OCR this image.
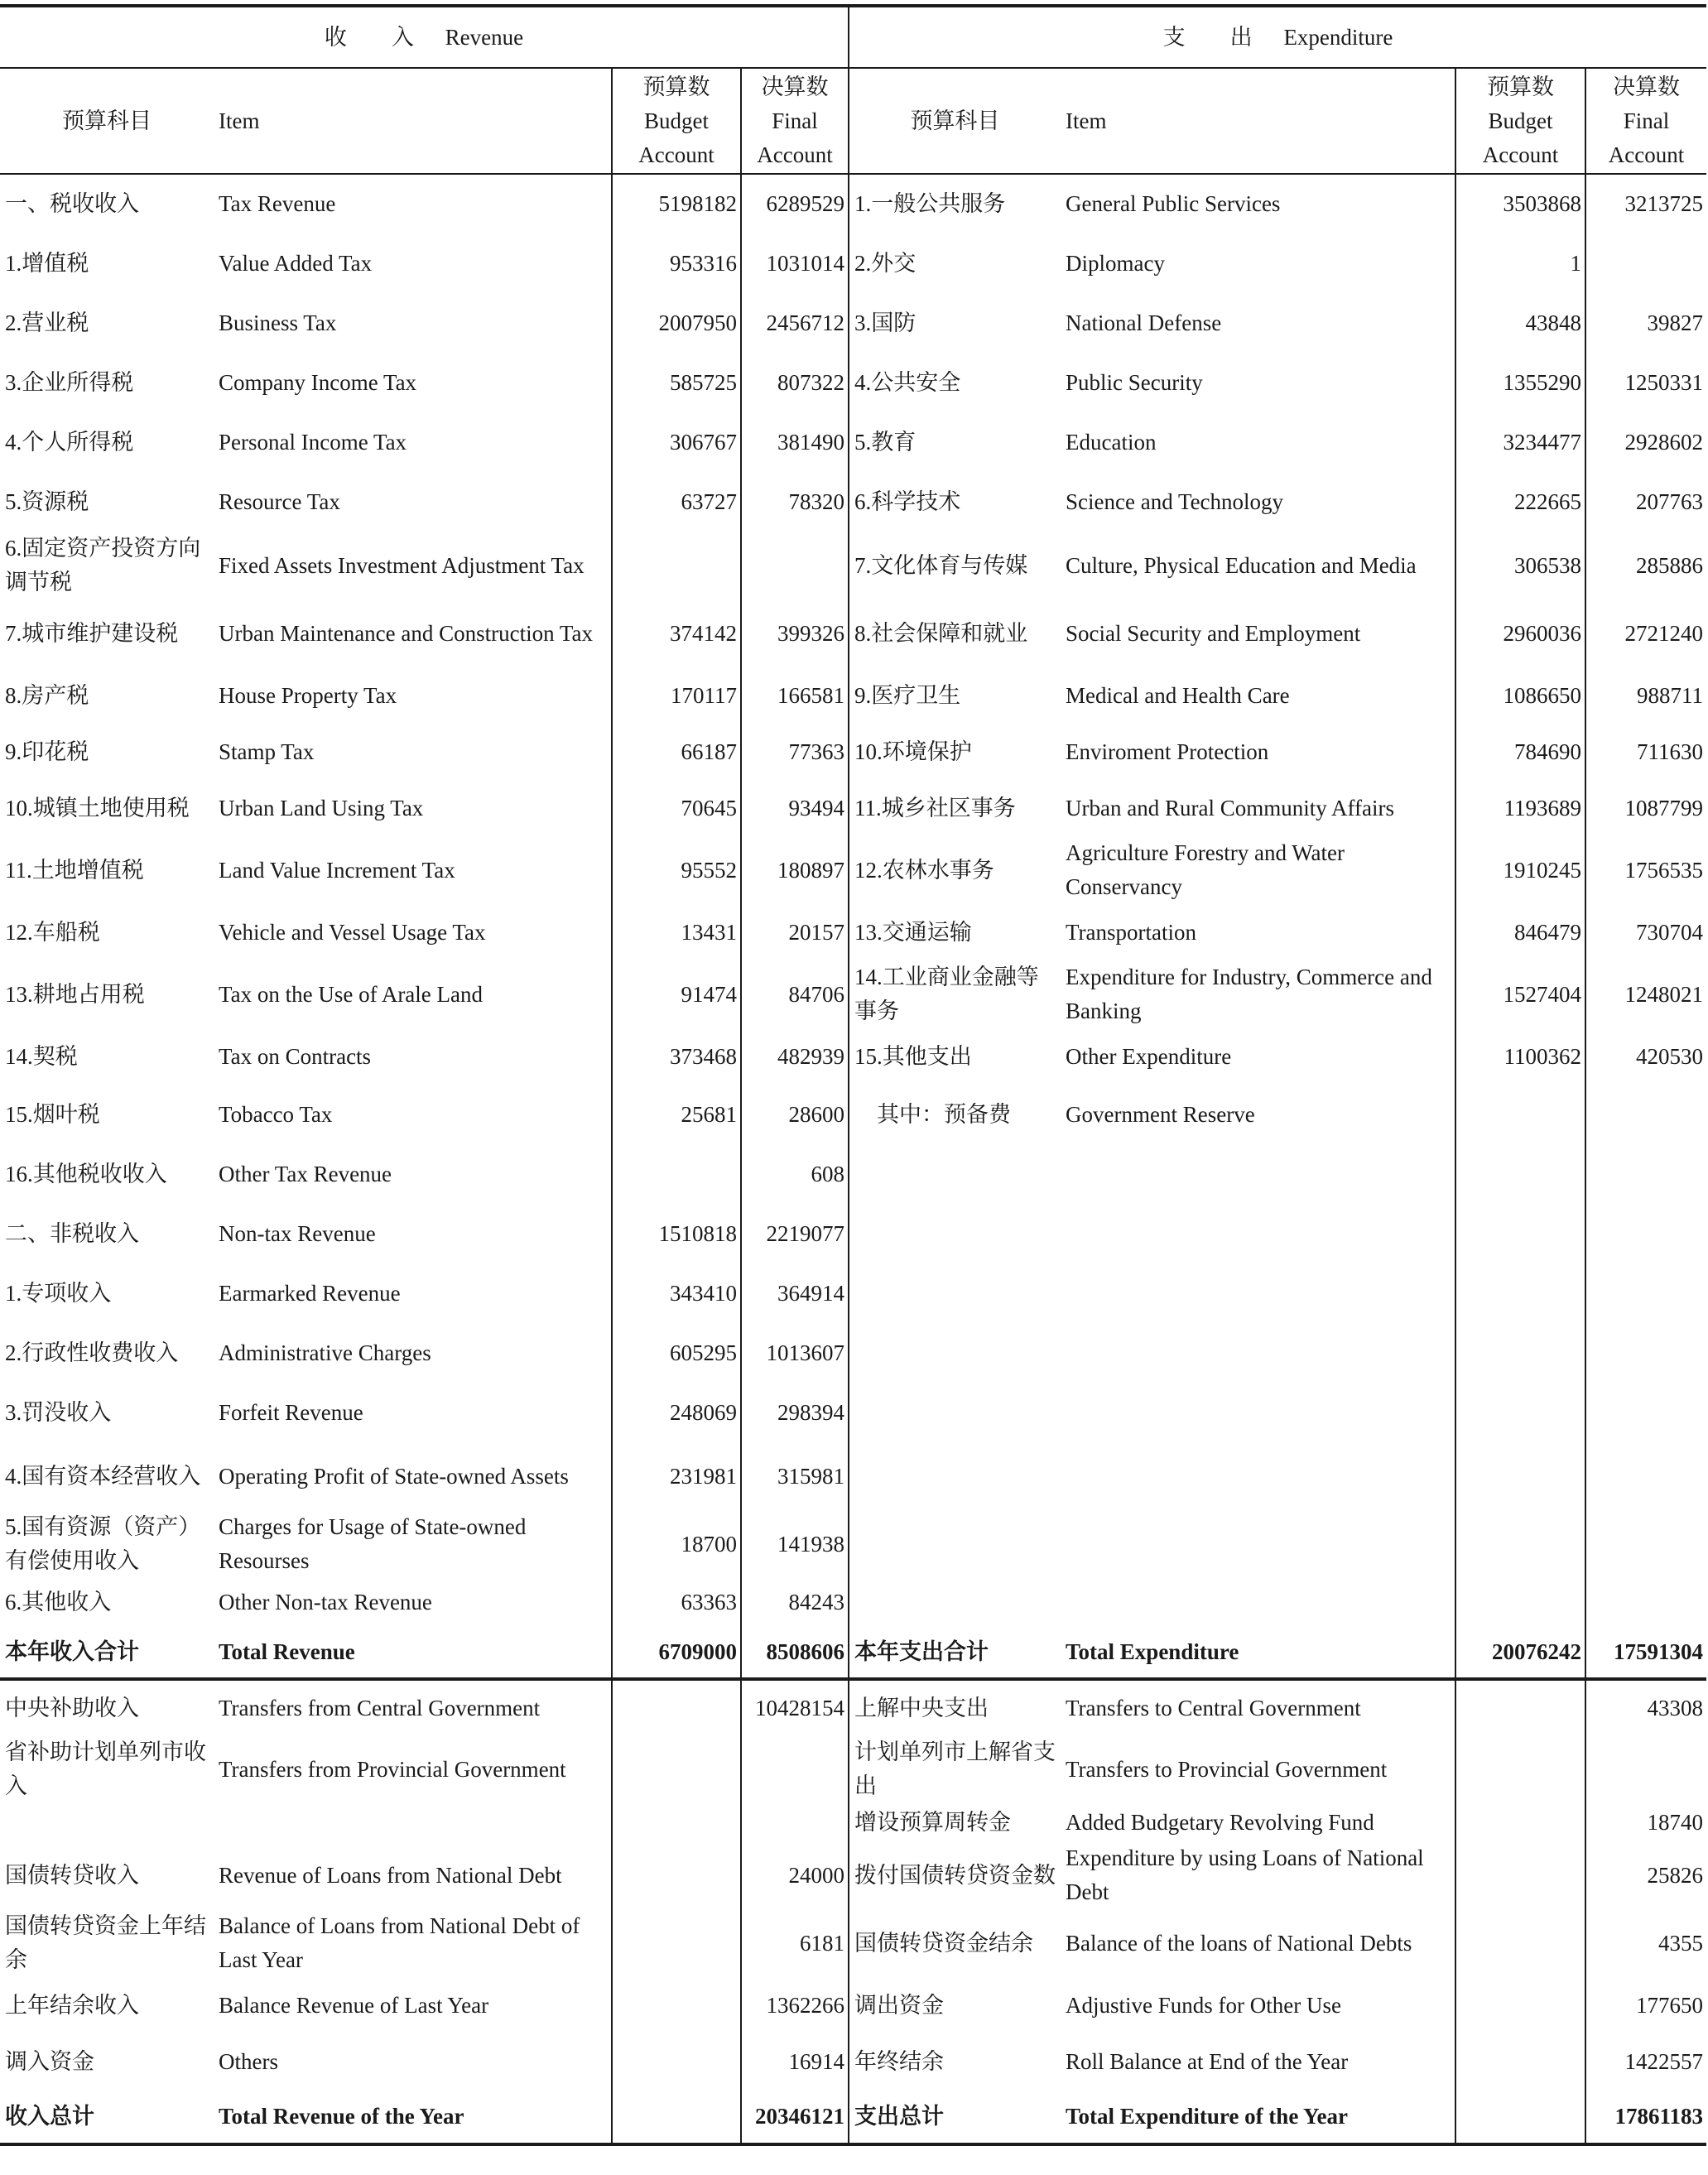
收　　入 Revenue				支　　出 Expenditure			
预算科目	Item	预算数
Budget
Account	决算数
Final
Account	预算科目	Item	预算数
Budget
Account	决算数
Final
Account
一、税收收入	Tax Revenue	5198182	6289529	1.一般公共服务	General Public Services	3503868	3213725
1.增值税	Value Added Tax	953316	1031014	2.外交	Diplomacy	1	
2.营业税	Business Tax	2007950	2456712	3.国防	National Defense	43848	39827
3.企业所得税	Company Income Tax	585725	807322	4.公共安全	Public Security	1355290	1250331
4.个人所得税	Personal Income Tax	306767	381490	5.教育	Education	3234477	2928602
5.资源税	Resource Tax	63727	78320	6.科学技术	Science and Technology	222665	207763
6.固定资产投资方向调节税	Fixed Assets Investment Adjustment Tax			7.文化体育与传媒	Culture, Physical Education and Media	306538	285886
7.城市维护建设税	Urban Maintenance and Construction Tax	374142	399326	8.社会保障和就业	Social Security and Employment	2960036	2721240
8.房产税	House Property Tax	170117	166581	9.医疗卫生	Medical and Health Care	1086650	988711
9.印花税	Stamp Tax	66187	77363	10.环境保护	Enviroment Protection	784690	711630
10.城镇土地使用税	Urban Land Using Tax	70645	93494	11.城乡社区事务	Urban and Rural Community Affairs	1193689	1087799
11.土地增值税	Land Value Increment Tax	95552	180897	12.农林水事务	Agriculture Forestry and Water Conservancy	1910245	1756535
12.车船税	Vehicle and Vessel Usage Tax	13431	20157	13.交通运输	Transportation	846479	730704
13.耕地占用税	Tax on the Use of Arale Land	91474	84706	14.工业商业金融等事务	Expenditure for Industry, Commerce and Banking	1527404	1248021
14.契税	Tax on Contracts	373468	482939	15.其他支出	Other Expenditure	1100362	420530
15.烟叶税	Tobacco Tax	25681	28600	　其中：预备费	Government Reserve		
16.其他税收收入	Other Tax Revenue		608				
二、非税收入	Non-tax Revenue	1510818	2219077				
1.专项收入	Earmarked Revenue	343410	364914				
2.行政性收费收入	Administrative Charges	605295	1013607				
3.罚没收入	Forfeit Revenue	248069	298394				
4.国有资本经营收入	Operating Profit of State-owned Assets	231981	315981				
5.国有资源（资产）有偿使用收入	Charges for Usage of State-owned Resourses	18700	141938				
6.其他收入	Other Non-tax Revenue	63363	84243				
本年收入合计	Total Revenue	6709000	8508606	本年支出合计	Total Expenditure	20076242	17591304
中央补助收入	Transfers from Central Government		10428154	上解中央支出	Transfers to Central Government		43308
省补助计划单列市收入	Transfers from Provincial Government			计划单列市上解省支出	Transfers to Provincial Government		
				增设预算周转金	Added Budgetary Revolving Fund		18740
国债转贷收入	Revenue of Loans from National Debt		24000	拨付国债转贷资金数	Expenditure by using Loans of National Debt		25826
国债转贷资金上年结余	Balance of Loans from National Debt of Last Year		6181	国债转贷资金结余	Balance of the loans of National Debts		4355
上年结余收入	Balance Revenue of Last Year		1362266	调出资金	Adjustive Funds for Other Use		177650
调入资金	Others		16914	年终结余	Roll Balance at End of the Year		1422557
收入总计	Total Revenue of the Year		20346121	支出总计	Total Expenditure of the Year		17861183
